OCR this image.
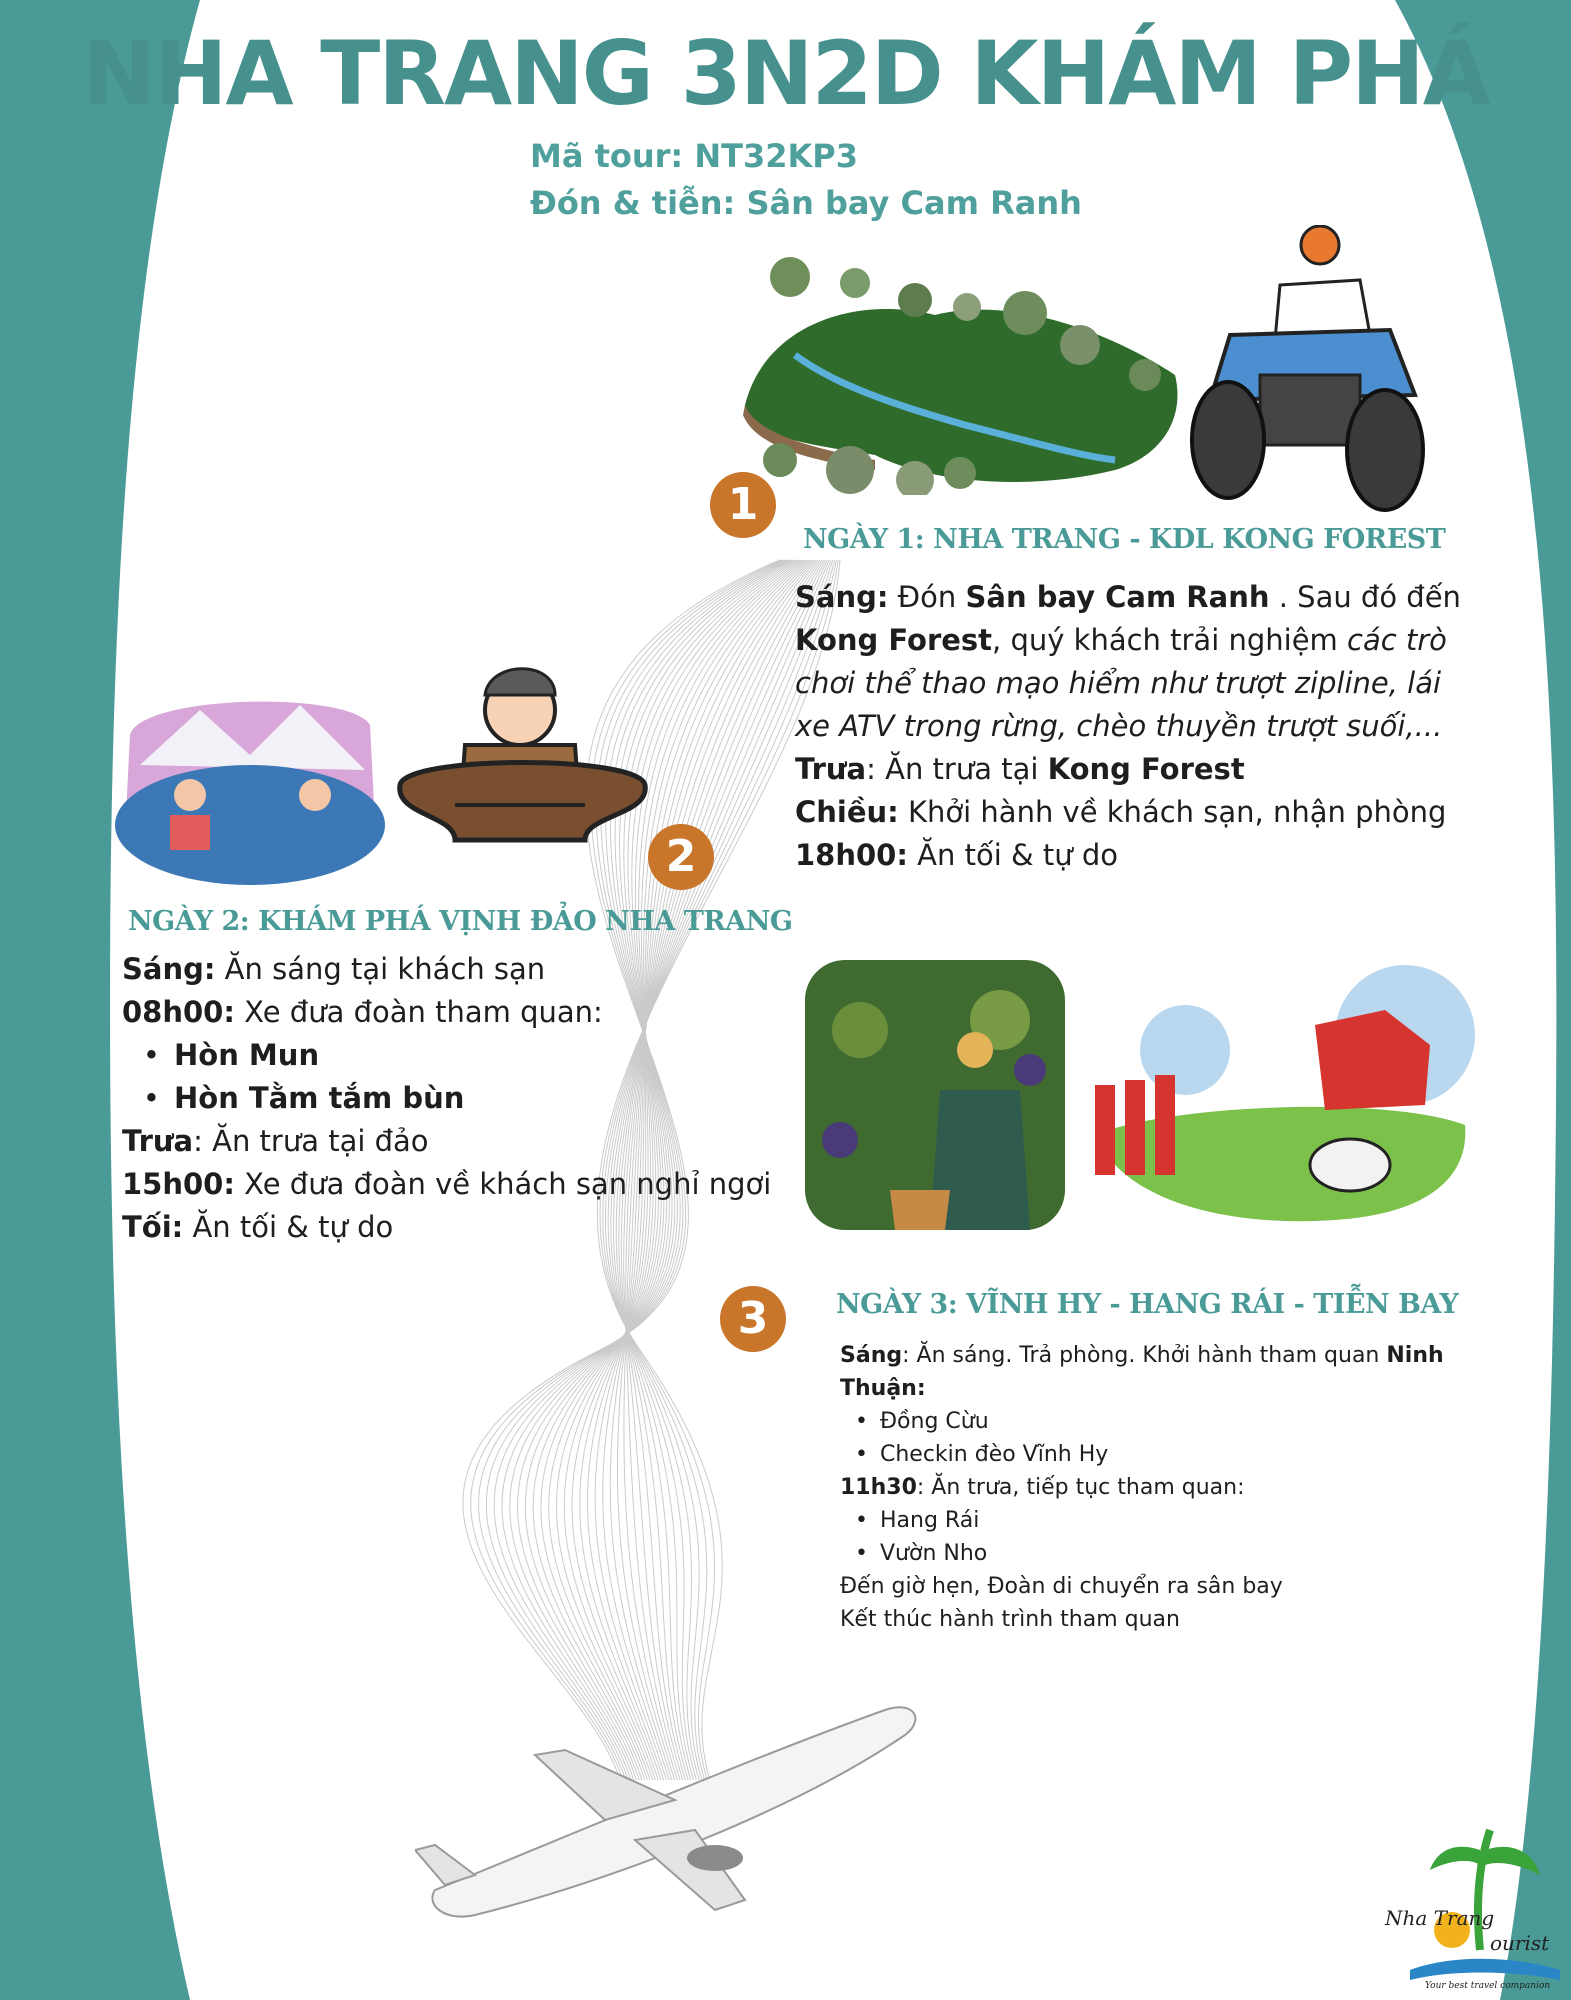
NHA TRANG 3N2D KHÁM PHÁ
Mã tour: NT32KP3
Đón & tiễn: Sân bay Cam Ranh
1
NGÀY 1: NHA TRANG - KDL KONG FOREST
Sáng: Đón Sân bay Cam Ranh . Sau đó đến
Kong Forest, quý khách trải nghiệm các trò
chơi thể thao mạo hiểm như trượt zipline, lái
xe ATV trong rừng, chèo thuyền trượt suối,...
Trưa: Ăn trưa tại Kong Forest
Chiều: Khởi hành về khách sạn, nhận phòng
18h00: Ăn tối & tự do
2
NGÀY 2: KHÁM PHÁ VỊNH ĐẢO NHA TRANG
Sáng: Ăn sáng tại khách sạn
08h00: Xe đưa đoàn tham quan:
• Hòn Mun
• Hòn Tằm tắm bùn
Trưa: Ăn trưa tại đảo
15h00: Xe đưa đoàn về khách sạn nghỉ ngơi
Tối: Ăn tối & tự do
3	NGÀY 3: VĨNH HY - HANG RÁI - TIỄN BAY
Sáng: Ăn sáng. Trả phòng. Khởi hành tham quan Ninh
Thuận:
• Đồng Cừu
• Checkin đèo Vĩnh Hy
11h30: Ăn trưa, tiếp tục tham quan:
• Hang Rái
• Vườn Nho
Đến giờ hẹn, Đoàn di chuyển ra sân bay
Kết thúc hành trình tham quan
Nha Trang
ourist
Your best travel companion
